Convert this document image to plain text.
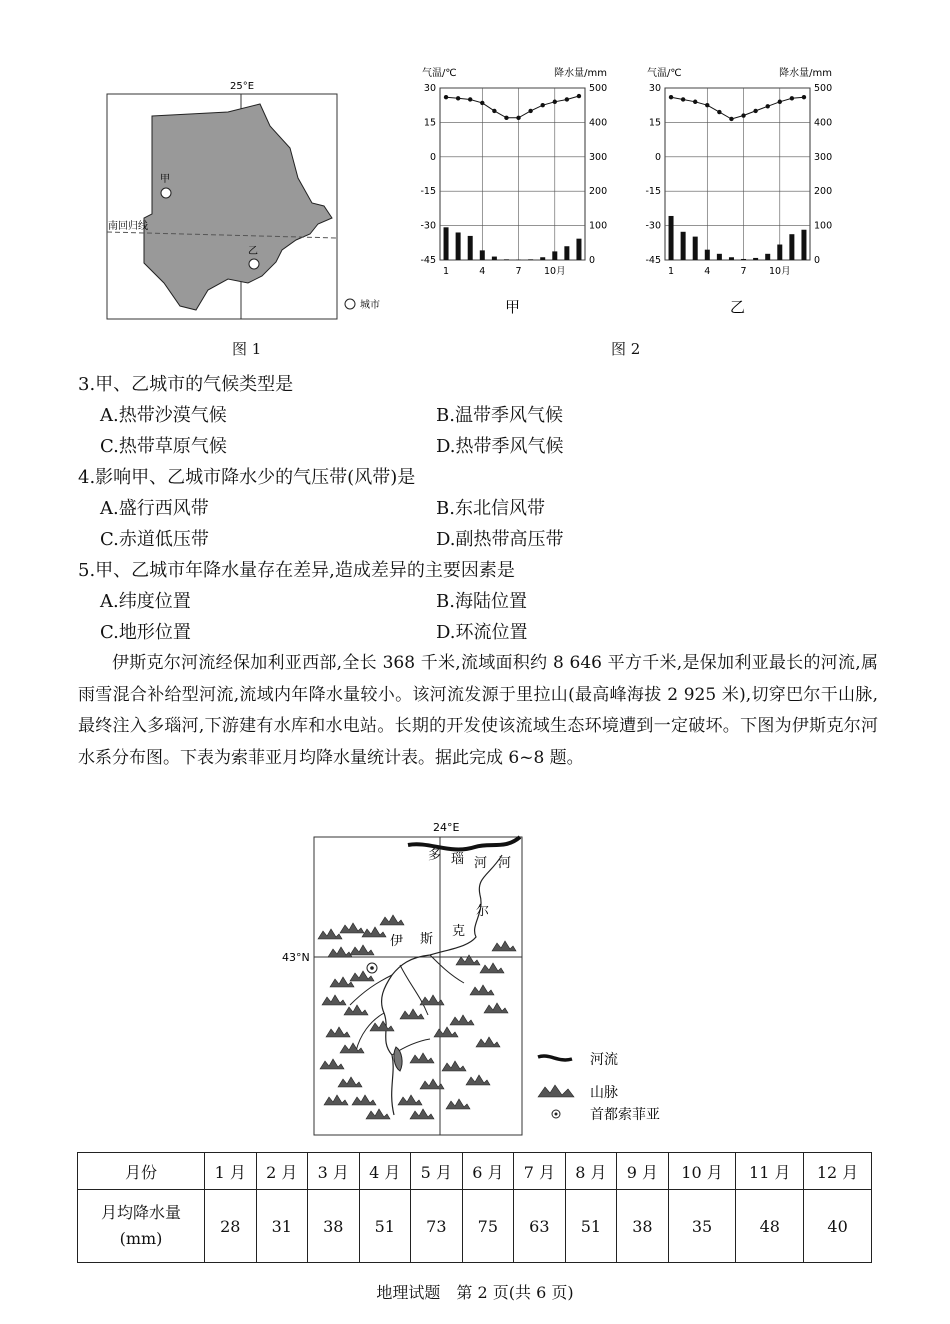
25°E
南回归线
甲
乙
城市
图 1
30	500
15	400
0	300
-15	200
-30	100
-45	0
1	4	7 10月
气温/℃	降水量/mm
甲
30	500
15	400
0	300
-15	200
-30	100
-45	0
1	4	7 10月
气温/℃	降水量/mm
乙
图 2
3.甲、乙城市的气候类型是
A.热带沙漠气候	B.温带季风气候
C.热带草原气候	D.热带季风气候
4.影响甲、乙城市降水少的气压带(风带)是
A.盛行西风带	B.东北信风带
C.赤道低压带	D.副热带高压带
5.甲、乙城市年降水量存在差异,造成差异的主要因素是
A.纬度位置	B.海陆位置
C.地形位置	D.环流位置

伊斯克尔河流经保加利亚西部,全长 368 千米,流域面积约 8 646 平方千米,是保加利亚最长的河流,属雨雪混合补给型河流,流域内年降水量较小。该河流发源于里拉山(最高峰海拔 2 925 米),切穿巴尔干山脉,最终注入多瑙河,下游建有水库和水电站。长期的开发使该流域生态环境遭到一定破坏。下图为伊斯克尔河水系分布图。下表为索菲亚月均降水量统计表。据此完成 6~8 题。

24°E
43°N
多 瑙 河 河
伊 斯
克
尔
河流
山脉
首都索菲亚
月份	1 月	2 月	3 月	4 月	5 月	6 月	7 月	8 月	9 月	10 月	11 月	12 月
月均降水量(mm)	28	31	38	51	73	75	63	51	38	35	48	40
地理试题　第 2 页(共 6 页)
